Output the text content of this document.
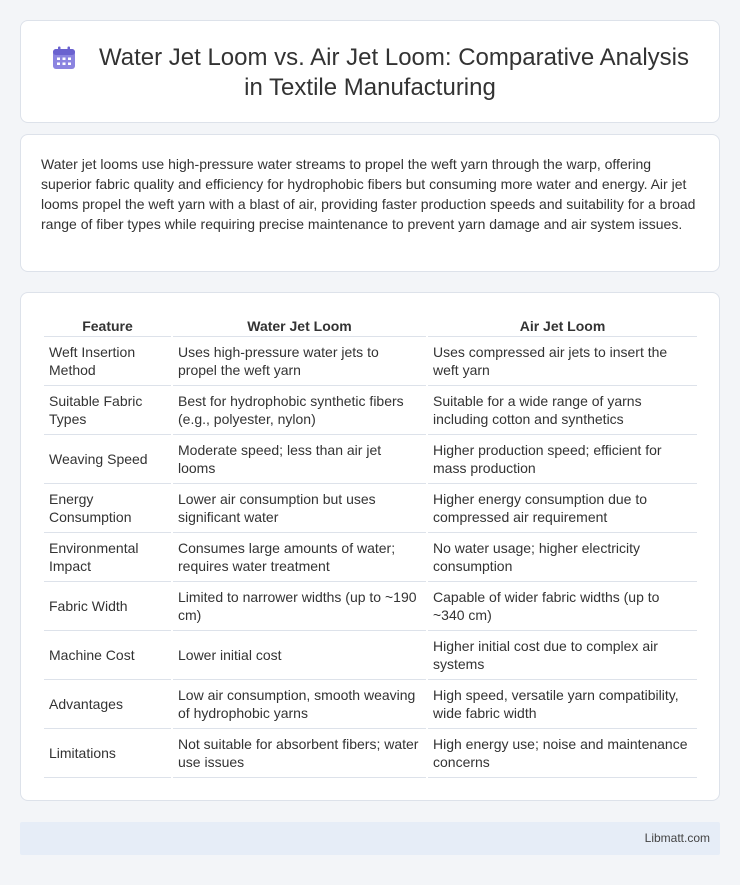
Water Jet Loom vs. Air Jet Loom: Comparative Analysis
in Textile Manufacturing

Water jet looms use high-pressure water streams to propel the weft yarn through the warp, offering superior fabric quality and efficiency for hydrophobic fibers but consuming more water and energy. Air jet looms propel the weft yarn with a blast of air, providing faster production speeds and suitability for a broad range of fiber types while requiring precise maintenance to prevent yarn damage and air system issues.

Feature	Water Jet Loom	Air Jet Loom
Weft Insertion Method	Uses high-pressure water jets to propel the weft yarn	Uses compressed air jets to insert the weft yarn
Suitable Fabric Types	Best for hydrophobic synthetic fibers (e.g., polyester, nylon)	Suitable for a wide range of yarns including cotton and synthetics
Weaving Speed	Moderate speed; less than air jet looms	Higher production speed; efficient for mass production
Energy Consumption	Lower air consumption but uses significant water	Higher energy consumption due to compressed air requirement
Environmental Impact	Consumes large amounts of water; requires water treatment	No water usage; higher electricity consumption
Fabric Width	Limited to narrower widths (up to ~190 cm)	Capable of wider fabric widths (up to ~340 cm)
Machine Cost	Lower initial cost	Higher initial cost due to complex air systems
Advantages	Low air consumption, smooth weaving of hydrophobic yarns	High speed, versatile yarn compatibility, wide fabric width
Limitations	Not suitable for absorbent fibers; water use issues	High energy use; noise and maintenance concerns
Libmatt.com
